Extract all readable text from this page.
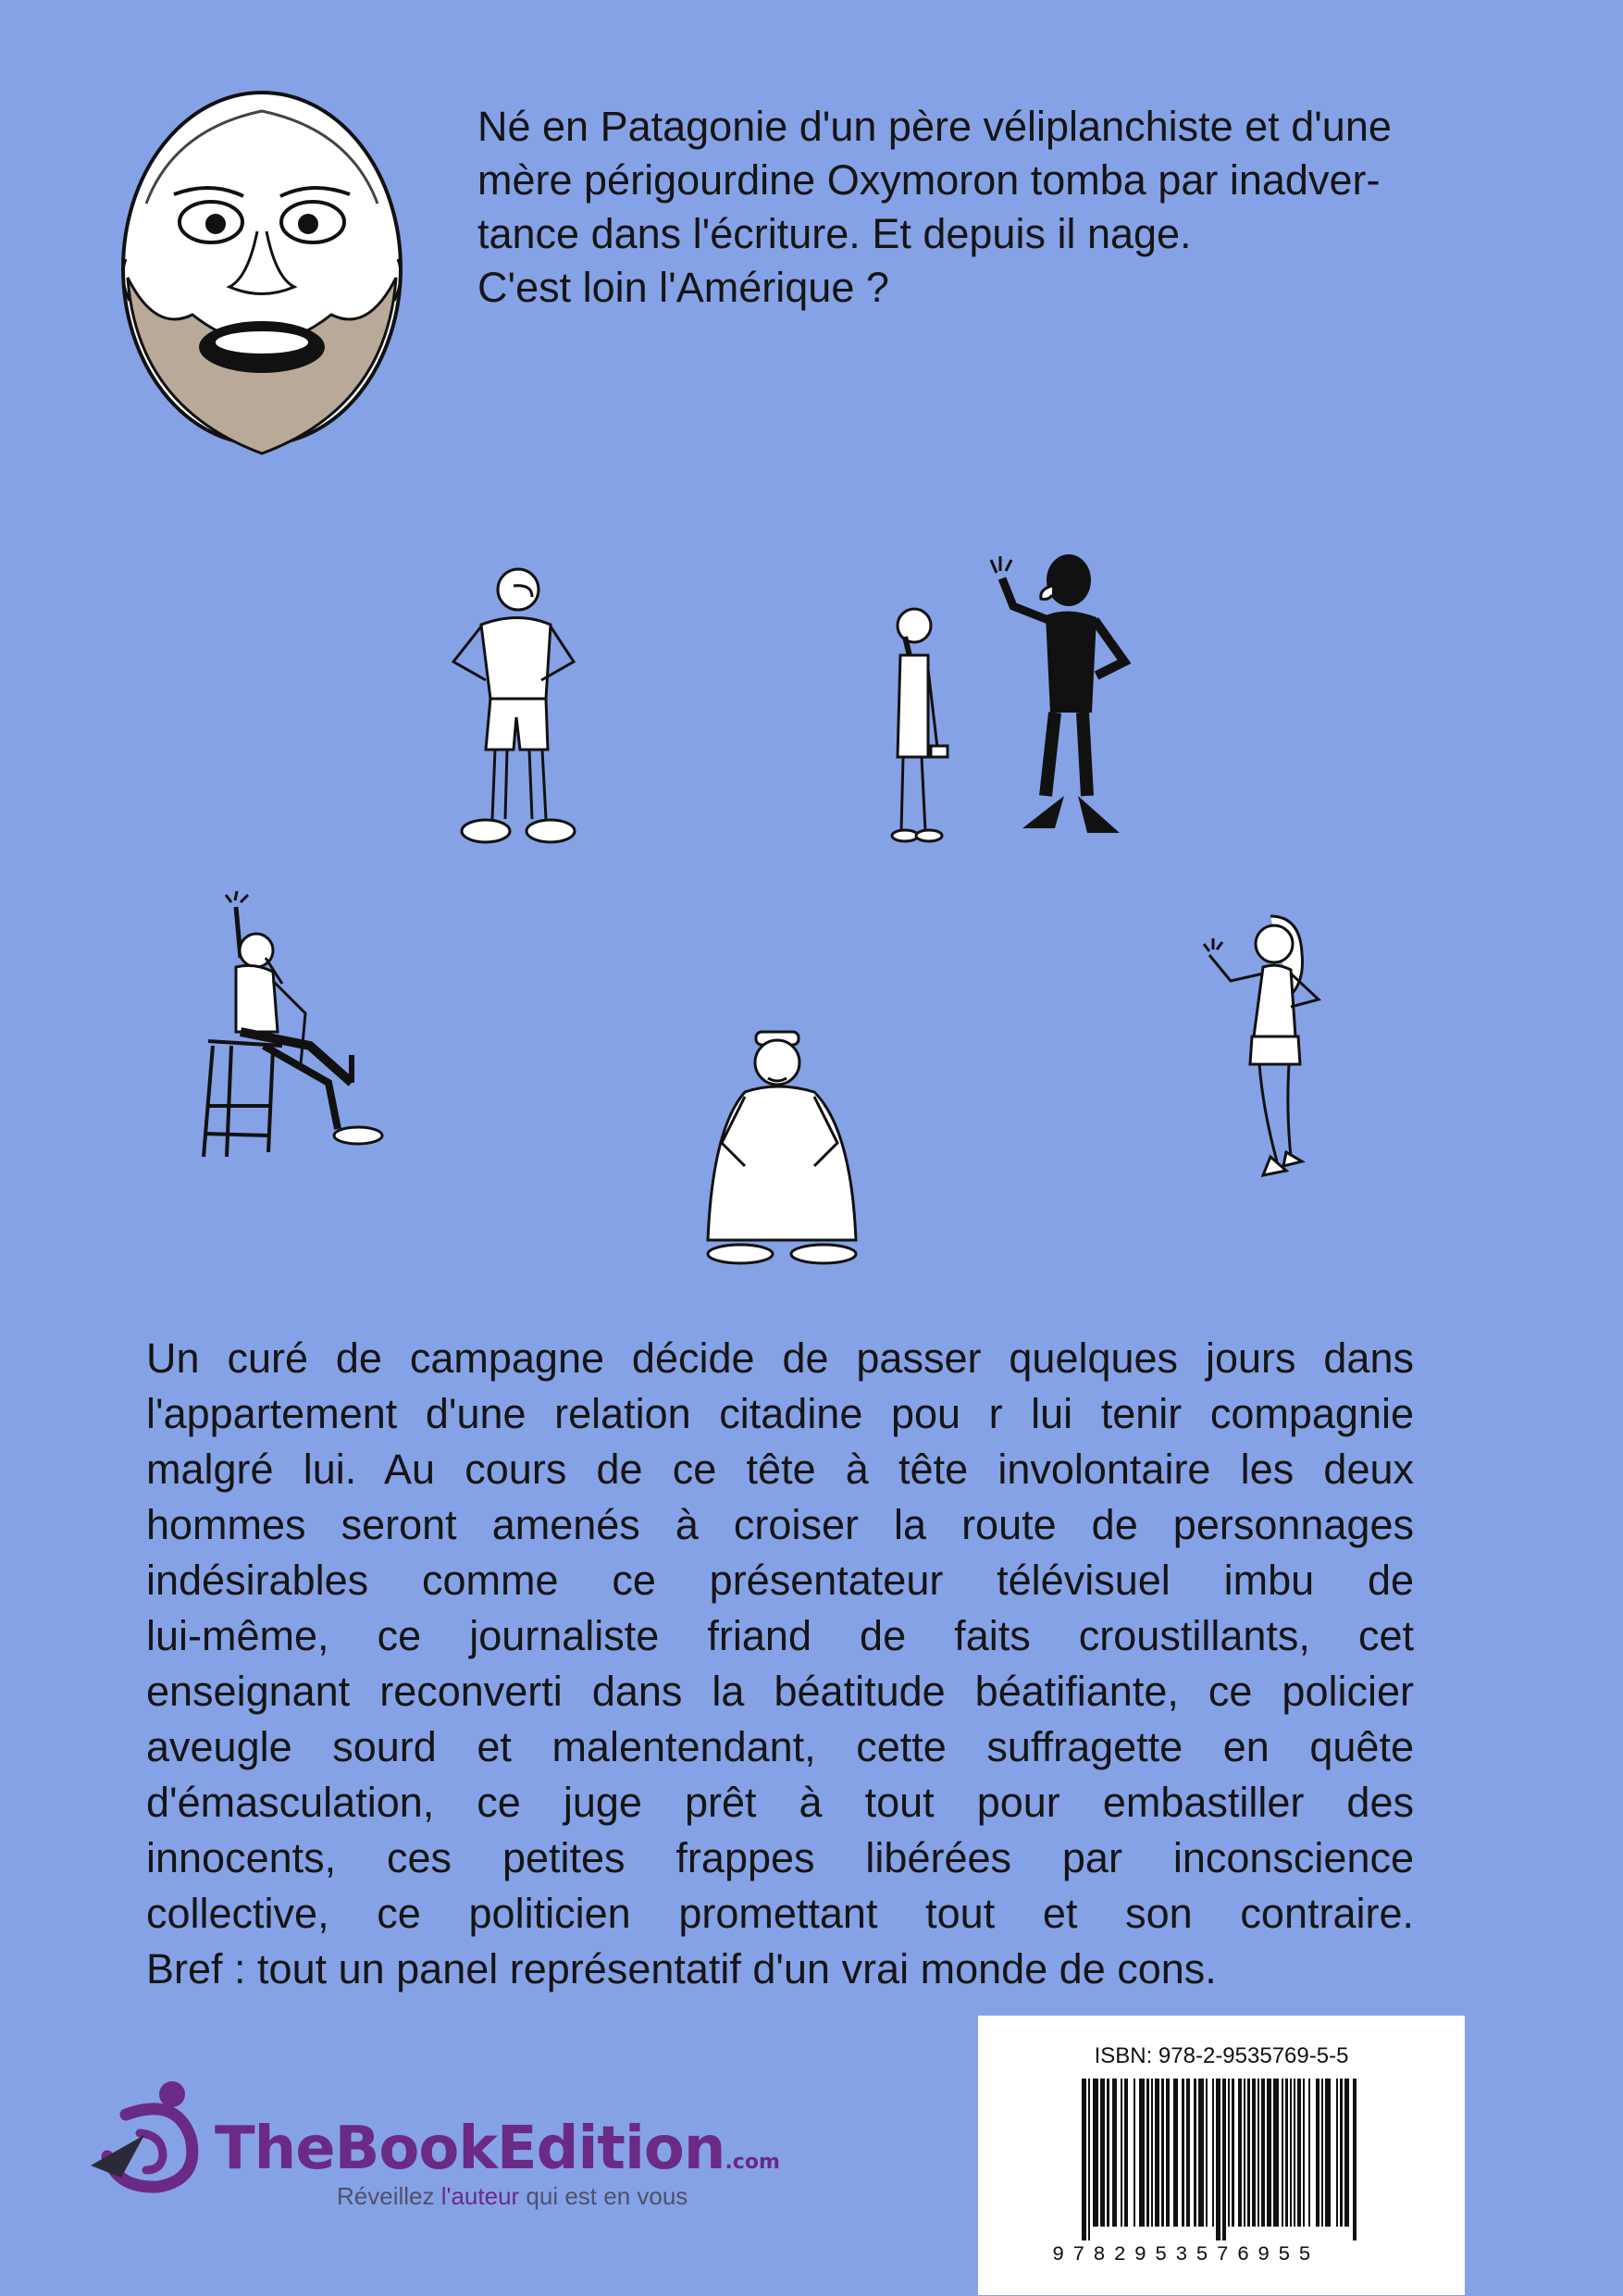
Né en Patagonie d'un père véliplanchiste et d'une
mère périgourdine Oxymoron tomba par inadver-
tance dans l'écriture. Et depuis il nage.
C'est loin l'Amérique ?
Un curé de campagne décide de passer quelques jours dans
l'appartement d'une relation citadine pou r lui tenir compagnie
malgré lui. Au cours de ce tête à tête involontaire les deux
hommes seront amenés à croiser la route de personnages
indésirables comme ce présentateur télévisuel imbu de
lui-même, ce journaliste friand de faits croustillants, cet
enseignant reconverti dans la béatitude béatifiante, ce policier
aveugle sourd et malentendant, cette suffragette en quête
d'émasculation, ce juge prêt à tout pour embastiller des
innocents, ces petites frappes libérées par inconscience
collective, ce politicien promettant tout et son contraire.
Bref : tout un panel représentatif d'un vrai monde de cons.
TheBookEdition.com
Réveillez l'auteur qui est en vous
ISBN: 978-2-9535769-5-5
9782953576955
